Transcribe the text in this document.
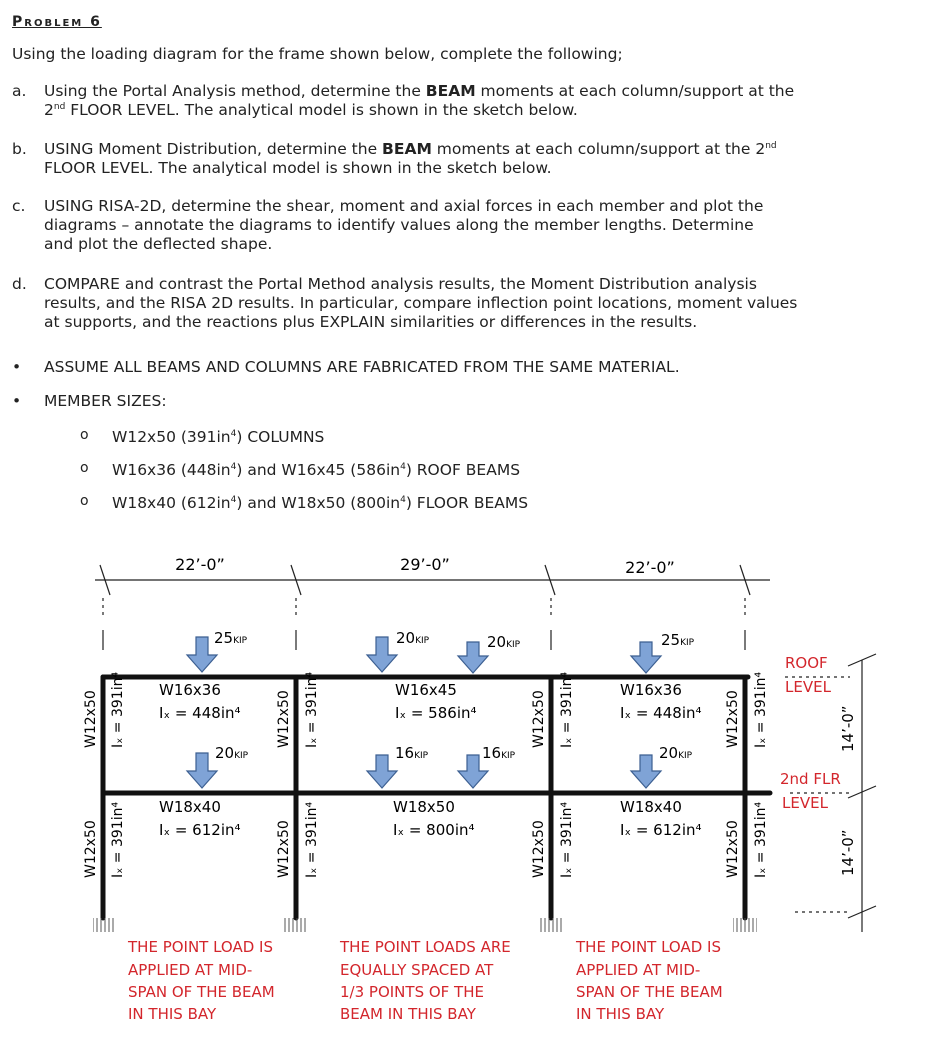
Problem 6
Using the loading diagram for the frame shown below, complete the following;
a. Using the Portal Analysis method, determine the BEAM moments at each column/support at the
2nd FLOOR LEVEL. The analytical model is shown in the sketch below.
b. USING Moment Distribution, determine the BEAM moments at each column/support at the 2nd
FLOOR LEVEL. The analytical model is shown in the sketch below.
c. USING RISA-2D, determine the shear, moment and axial forces in each member and plot the
diagrams – annotate the diagrams to identify values along the member lengths. Determine
and plot the deflected shape.
d. COMPARE and contrast the Portal Method analysis results, the Moment Distribution analysis
results, and the RISA 2D results. In particular, compare inflection point locations, moment values
at supports, and the reactions plus EXPLAIN similarities or differences in the results.
• ASSUME ALL BEAMS AND COLUMNS ARE FABRICATED FROM THE SAME MATERIAL.
• MEMBER SIZES:
o W12x50 $(391in^4)$ COLUMNS
o W16x36 $(448in^4)$ and W16x45 $(586in^4)$ ROOF BEAMS
o W18x40 $(612in^4)$ and W18x50 $(800in^4)$ FLOOR BEAMS
22’-0”	29’-0”	22’-0”
25KIP	20KIP	20KIP	25KIP
20KIP	16KIP	16KIP	20KIP
W16x36
Iₓ = 448in⁴
W16x45
Iₓ = 586in⁴
W16x36
Iₓ = 448in⁴
W18x40
Iₓ = 612in⁴
W18x50
Iₓ = 800in⁴
W18x40
Iₓ = 612in⁴
W12x50 Iₓ = 391in⁴
W12x50 Iₓ = 391in⁴
W12x50 Iₓ = 391in⁴
W12x50 Iₓ = 391in⁴
W12x50 Iₓ = 391in⁴
W12x50 Iₓ = 391in⁴
W12x50 Iₓ = 391in⁴
W12x50 Iₓ = 391in⁴
14’-0”
14’-0”
ROOF
LEVEL
2nd FLR
LEVEL
THE POINT LOAD IS
APPLIED AT MID-
SPAN OF THE BEAM
IN THIS BAY
THE POINT LOADS ARE
EQUALLY SPACED AT
1/3 POINTS OF THE
BEAM IN THIS BAY
THE POINT LOAD IS
APPLIED AT MID-
SPAN OF THE BEAM
IN THIS BAY
